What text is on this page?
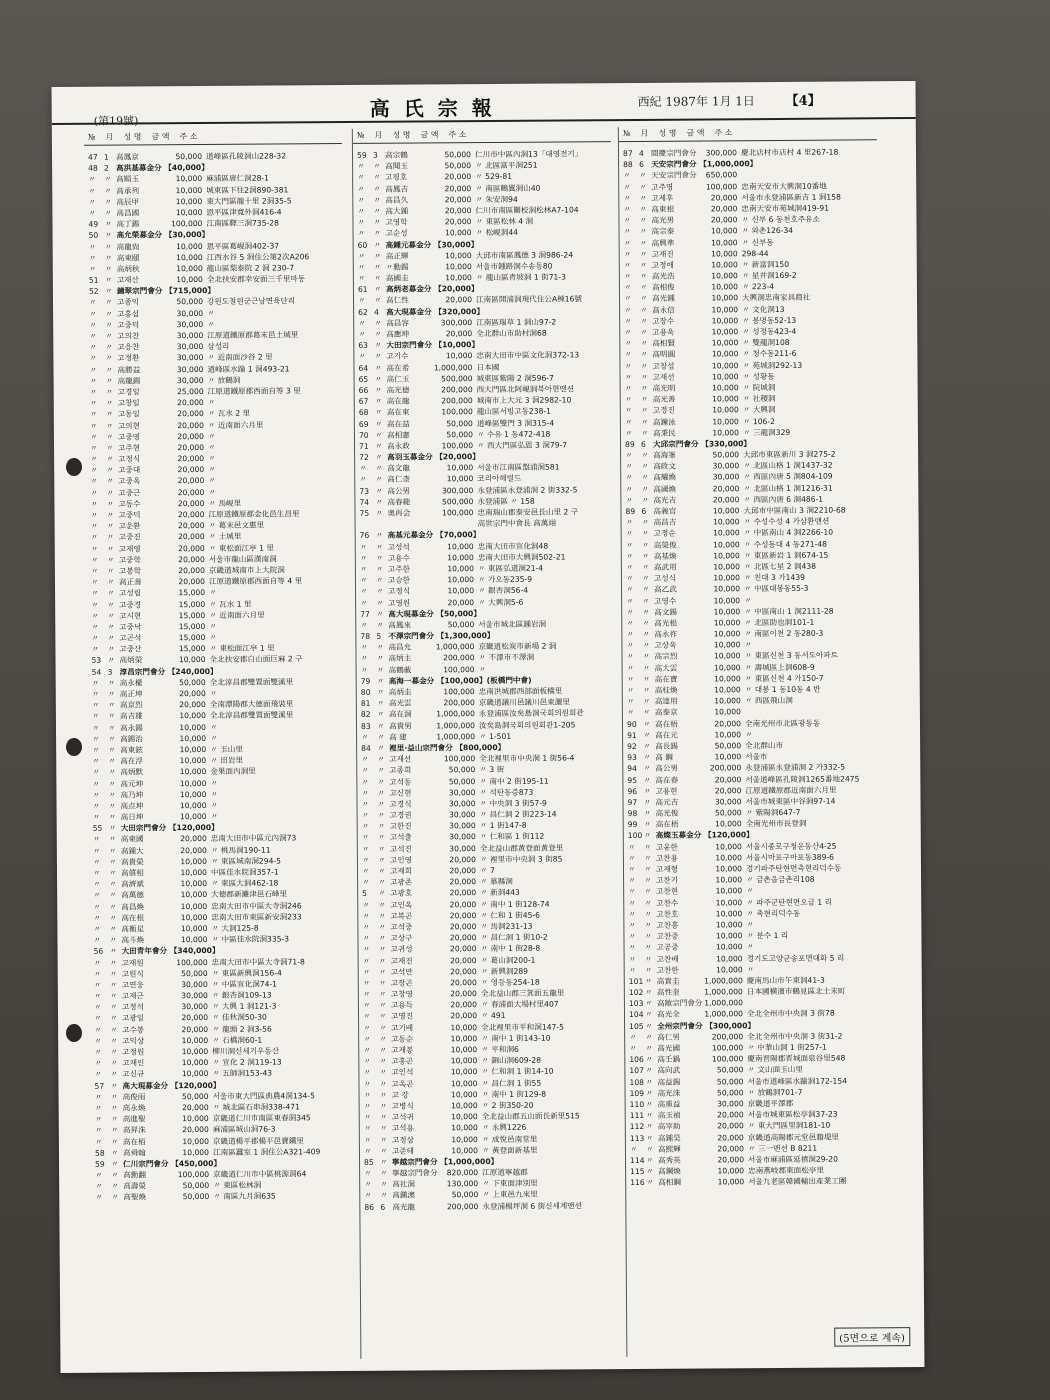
(第19號)
高氏宗報	西紀 1987年 1月 1日 【4】
№ 月 성 명 금 액 주 소
47 1 高鳳京	50,000 道峰區孔陵洞山228-32
48 2 高洪基募金分 【40,000】
〃	〃 高順玉	10,000 麻浦區唐仁洞28-1
〃	〃 高承列	10,000 城東區下往2洞890-381
〃	〃 高辰甲	10,000 東大門區龍十里 2洞35-5
〃	〃 高昌國	10,000 恩平區津寬外洞416-4
49 〃 高丁錫	100,000 江南區驛三洞735-28
50 〃 高允榮募金分 【30,000】
〃	〃 高龍尙	10,000 恩平區葛峴洞402-37
〃	〃 高東頤	10,000 江西水谷 5 洞住公第2次A206
〃	〃 高炳秋	10,000 龍山區梨泰院 2 洞 230-7
51 〃 고재산	10,000 全北扶安郡幸安面三千里마동
52 〃 鐘翠宗門會分 【715,000】
〃	〃 고종익	50,000 강원도철원군근남면육단리
〃	〃 고홍섭	30,000 〃
〃	〃 고중덕	30,000 〃
〃	〃 고의찬	30,000 江原道鐵原郡葛末邑土城里
〃	〃 고응찬	30,000 삼성리
〃	〃 고정환	30,000 〃 近南面沙谷 2 里
〃	〃 高勝益	30,000 道峰區水踰 1 洞493-21
〃	〃 高龍錫	30,000 〃 放鶴洞
〃	〃 고경일	25,000 江原道鐵原郡西面自等 3 里
〃	〃 고창일	20,000 〃
〃	〃 고동일	20,000 〃 瓦水 2 里
〃	〃 고의현	20,000 〃 近南面六月里
〃	〃 고중영	20,000 〃
〃	〃 고주현	20,000 〃
〃	〃 고정식	20,000 〃
〃	〃 고중대	20,000 〃
〃	〃 고중옥	20,000 〃
〃	〃 고중근	20,000 〃
〃	〃 고동수	20,000 〃 馬峴里
〃	〃 고중덕	20,000 江原道鐵原郡金化邑生昌里
〃	〃 고운환	20,000 〃 葛末邑文惠里
〃	〃 고중진	20,000 〃 土城里
〃	〃 고재영	20,000 〃 東松面江亭 1 里
〃	〃 고중학	20,000 서울市龍山區漢南洞
〃	〃 고봉학	20,000 京畿道城南市上大院洞
〃	〃 高正善	20,000 江原道鐵原郡西面自等 4 里
〃	〃 고성림	15,000 〃
〃	〃 고중경	15,000 〃 瓦水 1 里
〃	〃 고시현	15,000 〃 近南面六月里
〃	〃 고중낙	15,000 〃
〃	〃 고곤석	15,000 〃
〃	〃 고중산	15,000 〃 東松面江亭 1 里
53 〃 高炳榮	10,000 全北扶安郡白山面巨麻 2 구
54 3 淳昌宗門會分 【240,000】
〃	〃 高永權	50,000 全北淳昌郡雙置面雙溪里
〃	〃 高正坤	20,000 〃
〃	〃 高京烈	20,000 全南潭陽郡大德面飛裝里
〃	〃 高吉雄	10,000 全北淳昌郡雙置面雙溪里
〃	〃 高永錫	10,000 〃
〃	〃 高錫治	10,000 〃
〃	〃 高東鉉	10,000 〃 玉山里
〃	〃 高在浮	10,000 〃 田岩里
〃	〃 高炳默	10,000 金果面內洞里
〃	〃 高元坤	10,000 〃
〃	〃 高乃坤	10,000 〃
〃	〃 高点坤	10,000 〃
〃	〃 高日坤	10,000 〃
55 〃 大田宗門會分 【120,000】
〃	〃 高東國	20,000 忠南大田市中區元內洞73
〃	〃 高鍾大	20,000 〃 桃馬洞190-11
〃	〃 高貴榮	10,000 〃 東區城南洞294-5
〃	〃 高僖相	10,000 中區佳水院洞357-1
〃	〃 高濟斌	10,000 〃 東區大洞462-18
〃	〃 高萬德	10,000 大德郡新灘津邑石峰里
〃	〃 高昌煥	10,000 忠南大田市中區大寺洞246
〃	〃 高在根	10,000 忠南大田市東區新安洞233
〃	〃 高衡星	10,000 〃 大洞125-8
〃	〃 高斗煥	10,000 〃 中區佳水院洞335-3
56 〃 大田青年會分 【340,000】
〃	〃 고재원	100,000 忠南大田市中區大寺洞71-8
〃	〃 고원식	50,000 〃 東區新興洞156-4
〃	〃 고연웅	30,000 〃 中區宣化洞74-1
〃	〃 고재근	30,000 〃 銀杏洞109-13
〃	〃 고정석	30,000 〃 大興 1 洞121-3
〃	〃 고광일	20,000 〃 佳秋洞50-30
〃	〃 고수봉	20,000 〃 龍頭 2 洞3-56
〃	〃 고익상	10,000 〃 石橋洞60-1
〃	〃 고정원	10,000 柳川洞신세기우동산
〃	〃 고재인	10,000 〃 宣化 2 洞119-13
〃	〃 고신규	10,000 〃 五師洞153-43
57 〃 高大現募金分 【120,000】
〃	〃 高俊雨	50,000 서울市東大門區典農4洞134-5
〃	〃 高永煥	20,000 〃 城北區石串洞338-471
〃	〃 高進聖	10,000 京畿道仁川市南區東春洞345
〃	〃 高昇洙	20,000 麻浦區城山洞76-3
〃	〃 高在栢	10,000 京畿道楊平郡楊平邑寶鐵里
58 〃 高舜翰	10,000 江南區蠶室 1 洞住公A321-409
59 〃 仁川宗門會分 【450,000】
〃	〃 高勳翻	100,000 京畿道仁川市中區桃源洞64
〃	〃 高壽榮	50,000 〃 東區松林洞
〃	〃 高聖煥	50,000 〃 南區九月洞635
№ 月 성 명 금 액 주 소
59 3 高宗鶴	50,000 仁川市中區內洞13「대영전기」
〃	〃 高聞玉	50,000 〃 北區富平洞251
〃	〃 고평호	20,000 〃 529-81
〃	〃 高鳳吉	20,000 〃 南區鶴翼洞山40
〃	〃 高昌久	20,000 〃 朱安洞94
〃	〃 高大鍾	20,000 仁川市南區關校洞松林A7-104
〃	〃 고영학	20,000 〃 東區松林 4 洞
〃	〃 고순성	10,000 〃 松峴洞44
60 〃 高鍾元募金分 【30,000】
〃	〃 高正輝	10,000 大邱市南區鳳德 3 洞986-24
〃	〃 〃勳錫	10,000 서울市鍾路洞수송동80
〃	〃 高國圭	10,000 〃 龍山區青坡洞 1 街71-3
61 〃 高炳老募金分 【20,000】
〃	〃 高仁性	20,000 江南區開浦洞現代住公A棟16號
62 4 高大現募金分 【320,000】
〃	〃 高昌容	300,000 江南區瑞草 1 洞山97-2
〃	〃 高應坤	20,000 全北群山市助村洞68
63 〃 大田宗門會分 【10,000】
〃	〃 고기수	10,000 忠南大田市中區文化洞372-13
64 〃 高在希	1,000,000 日本國
65 〃 高仁玉	500,000 城東區紫陽 2 洞596-7
66 〃 高光德	200,000 西大門區北阿峴洞북아현맨션
67 〃 高在龍	200,000 城南市上大元 3 洞2982-10
68 〃 高在東	100,000 龍山區서빙고동238-1
69 〃 高在喆	50,000 道峰區雙門 3 洞315-4
70 〃 高相憲	50,000 〃 수유 1 동472-418
71 〃 高永政	100,000 〃 西大門區弘恩 3 洞79-7
72 〃 高羽玉募金分 【20,000】
〃	〃 高文龍	10,000 서울市江南區盤浦洞581
〃	〃 高仁柰	10,000 코리아헤럴드
73 〃 高公男	300,000 永登浦區永登浦洞 2 街332-5
74 〃 高春範	500,000 永登浦區 〃 158
75 〃 奥再会	100,000 忠南瑞山郡泰安邑長山里 2 구
高世宗門中會長 高萬翊
76 〃 高基元募金分 【70,000】
〃	〃 고성석	10,000 忠南大田市宣化洞48
〃	〃 고용수	10,000 忠南大田市大興洞502-21
〃	〃 고주한	10,000 〃 東區弘道洞21-4
〃	〃 고승한	10,000 〃 가오동235-9
〃	〃 고정식	10,000 〃 銀杏洞56-4
〃	〃 고영원	20,000 〃 大興洞5-6
77 〃 高大現募金分 【50,000】
〃	〃 高鳳來	50,000 서울市城北區鍾岩洞
78 5 不澤宗門會分 【1,300,000】
〃	〃 高昌允	1,000,000 京畿道松炭市新場 2 洞
〃	〃 高炳主	200,000 〃 不澤市不澤洞
〃	〃 高鶴載	100,000 〃
79 〃 高海一募金分 【100,000】(板橋門中會)
80 〃 高炳圭	100,000 忠南洪城郡西部面板橋里
81 〃 高光雲	200,000 京畿道議川邑議川邑東灑里
82 〃 高在洞	1,000,000 永登浦區汝矣島洞국회의원회관
83 〃 高貴男	1,000,000 汝矣島洞국회의원회관1-205
〃	〃 高 建	1,000,000 〃 1-501
84 〃 裡里·益山宗門會分 【800,000】
〃	〃 고재선	100,000 全北裡里市中央洞 1 街56-4
〃	〃 고종희	50,000 〃 3 街
〃	〃 고석동	50,000 〃 南中 2 街195-11
〃	〃 고신현	30,000 〃 석탄동증873
〃	〃 고경식	30,000 〃 中央洞 3 街57-9
〃	〃 고경권	30,000 〃 昌仁洞 2 街223-14
〃	〃 고한진	30,000 〃 1 街147-8
〃	〃 고석출	30,000 〃 仁和區 1 街112
〃	〃 고석진	30,000 全北益山郡黃登面黃登里
〃	〃 고인영	20,000 〃 裡里市中央洞 3 街85
〃	〃 고재희	20,000 〃 7
〃	〃 고광존	20,000 〃 慕縣洞
5	〃 고광호	20,000 〃 新洞443
〃	〃 고인옥	20,000 〃 南中 1 街128-74
〃	〃 고복곤	20,000 〃 仁和 1 街45-6
〃	〃 고석중	20,000 〃 馬洞231-13
〃	〃 고상구	20,000 〃 昌仁洞 1 街10-2
〃	〃 고귀성	20,000 〃 南中 1 街28-8
〃	〃 고재진	20,000 〃 葛山洞200-1
〃	〃 고석만	20,000 〃 新興洞289
〃	〃 고장곤	20,000 〃 영등동254-18
〃	〃 고창영	20,000 全北益山郡三箕面五龍里
〃	〃 고용득	20,000 〃 春浦面大場村里407
〃	〃 고명진	20,000 〃 491
〃	〃 고기배	10,000 全北裡里市平和洞147-5
〃	〃 고동순	10,000 〃 南中 1 街143-10
〃	〃 고재봉	10,000 〃 平和洞6
〃	〃 고홍곤	10,000 〃 銅山洞609-28
〃	〃 고인석	10,000 〃 仁和洞 1 街14-10
〃	〃 고옥곤	10,000 〃 昌仁洞 1 街55
〃	〃 고 강	10,000 〃 南中 1 街129-8
〃	〃 고병식	10,000 〃 2 街350-20
〃	〃 고석귀	10,000 全北益山郡五山面長新里515
〃	〃 고석용	10,000 〃 永興1226
〃	〃 고정삼	10,000 〃 成悅邑南堂里
〃	〃 고준태	10,000 〃 黃登面新基里
85 〃 寧越宗門會分 【1,000,000】
〃	〃 寧越宗門會分	820,000 江原道寧越郡
〃	〃 高社洞	130,000 〃 下東面津別里
〃	〃 高鎭澳	50,000 〃 上東邑九來里
86 6 高光龍	200,000 永登浦楊坪洞 6 街신세계맨션
№ 月 성 명 금 액 주 소
87 4 間慶宗門會分	300,000 慶北店村市店村 4 里267-18
88 6 天安宗門會分 【1,000,000】
〃	〃 天安宗門會分	650,000
〃	〃 고주명	100,000 忠南天安市大興洞10番地
〃	〃 고제후	20,000 서울市永登浦區新吉 1 洞158
〃	〃 高東根	20,000 忠南天安市苑城洞419-91
〃	〃 高光男	20,000 〃 신부 6 동천호주유소
〃	〃 高宗泰	10,000 〃 와촌126-34
〃	〃 高興準	10,000 〃 신부동
〃	〃 고재진	10,000 298-44
〃	〃 고정애	10,000 〃 新富洞150
〃	〃 高光浩	10,000 〃 星井洞169-2
〃	〃 高相俊	10,000 〃 223-4
〃	〃 高光鍾	10,000 大興洞忠南家具商社
〃	〃 高永信	10,000 〃 文化洞13
〃	〃 고장수	10,000 〃 봉명동52-13
〃	〃 고용욱	10,000 〃 성정동423-4
〃	〃 高相賢	10,000 〃 雙龍洞108
〃	〃 高明圓	10,000 〃 청수동211-6
〃	〃 고창섭	10,000 〃 苑城洞292-13
〃	〃 고재선	10,000 〃 성황동
〃	〃 高光明	10,000 〃 院城洞
〃	〃 高光善	10,000 〃 社稷洞
〃	〃 고경진	10,000 〃 大興洞
〃	〃 高鐘泳	10,000 〃 106-2
〃	〃 高秉民	10,000 〃 三龍洞329
89 6 大邱宗門會分 【330,000】
〃	〃 高海峯	50,000 大邱市東區新川 3 洞275-2
〃	〃 高政文	30,000 〃 北區山格 1 洞1437-32
〃	〃 高耀煥	30,000 〃 西區內唐 5 洞804-109
〃	〃 高國煥	20,000 〃 北區山格 1 洞1216-31
〃	〃 高光吉	20,000 〃 西區內唐 6 洞486-1
89 6 高義官	10,000 大邱市中區南山 3 洞2210-68
〃	〃 高昌吉	10,000 〃 수성수성 4 가삼환맨션
〃	〃 고정순	10,000 〃 中區南山 4 洞2266-10
〃	〃 高榮俊	10,000 〃 수성동대 4 동271-48
〃	〃 高基煥	10,000 〃 東區新岩 1 洞674-15
〃	〃 高武用	10,000 〃 北區七星 2 洞438
〃	〃 고성식	10,000 〃 친대 3 가1439
〃	〃 高乙武	10,000 〃 中區대봉동55-3
〃	〃 고영수	10,000 〃
〃	〃 高文錫	10,000 〃 中區南山 1 洞2111-28
〃	〃 高光根	10,000 〃 北區助也洞101-1
〃	〃 高永祚	10,000 〃 南區이천 2 동280-3
〃	〃 고상욱	10,000 〃
〃	〃 高宗烈	10,000 〃 東區신천 3 동서도아파트
〃	〃 高大雲	10,000 〃 壽城區上洞608-9
〃	〃 高在寶	10,000 〃 東區신천 4 가150-7
〃	〃 高桂煥	10,000 〃 대봉 1 동10동 4 반
〃	〃 高達用	10,000 〃 西區飛山洞
〃	〃 高泰京	10,000
90 〃 高在梧	20,000 全南光州市北區광동동
91 〃 高在元	10,000 〃
92 〃 高長錫	50,000 全北群山市
93 〃 高 鋼	10,000 서울市
94 〃 高公男	200,000 永登浦區永登浦洞 2 가332-5
95 〃 高在春	20,000 서울道峰區孔陵洞1265番地2475
96 〃 고용현	20,000 江原道鐵原郡近南面六月里
97 〃 高元吉	30,000 서울市城東區中谷洞97-14
98 〃 高光俊	50,000 〃 紫陽洞647-7
99 〃 高在梧	10,000 全南光州市長登洞
100 〃 高燦玉募金分 【120,000】
〃	〃 고윤한	10,000 서울시종로구청운동산4-25
〃	〃 고찬용	10,000 서울시마포구마포동389-6
〃	〃 고재형	10,000 경기파주탄현면축현리덕수동
〃	〃 고찬기	10,000 〃 금촌읍금촌리108
〃	〃 고찬현	10,000 〃
〃	〃 고찬수	10,000 〃 파주군탄현면오금 1 리
〃	〃 고찬호	10,000 〃 축현리덕수동
〃	〃 고찬홍	10,000 〃
〃	〃 고찬중	10,000 〃 분수 1 리
〃	〃 고공중	10,000 〃
〃	〃 고찬배	10,000 경기도고양군송포면대화 5 리
〃	〃 고찬한	10,000 〃
101 〃 高貴圭	1,000,000 慶南馬山市午東洞41-3
102 〃 高性奎	1,000,000 日本國横濱市鶴見區北土末町
103 〃 高敞宗門會分 1,000,000
104 〃 高光全	1,000,000 全北全州市中央洞 3 街78
105 〃 全州宗門會分 【300,000】
〃	〃 高仁男	200,000 全北全州市中央洞 3 街31-2
〃	〃 高光國	100,000 〃 中華山洞 1 街257-1
106 〃 高壬鍋	100,000 慶南晋陽郡晋城面泉谷里548
107 〃 高向武	50,000 〃 文山面玉山里
108 〃 高益錫	50,000 서울市道峰區水踰洞172-154
109 〃 高光洙	50,000 〃 放鶴洞701-7
110 〃 高重益	30,000 京畿道平澤郡
111 〃 高玉禎	20,000 서울市城東區松亭洞37-23
112 〃 高宰助	20,000 〃 東大門區里洞181-10
113 〃 高鍾昊	20,000 京畿道高陽郡元堂邑籍堤里
〃	〃 高熙輝	20,000 〃 三一맨션 B 8211
114 〃 高秀英	20,000 서울市麻浦區延禧洞29-20
115 〃 高鋼煥	10,000 忠南燕岐郡東面松亭里
116 〃 高相鋼	10,000 서울九老區韓國輸出產業工團
(5면으로 계속)
